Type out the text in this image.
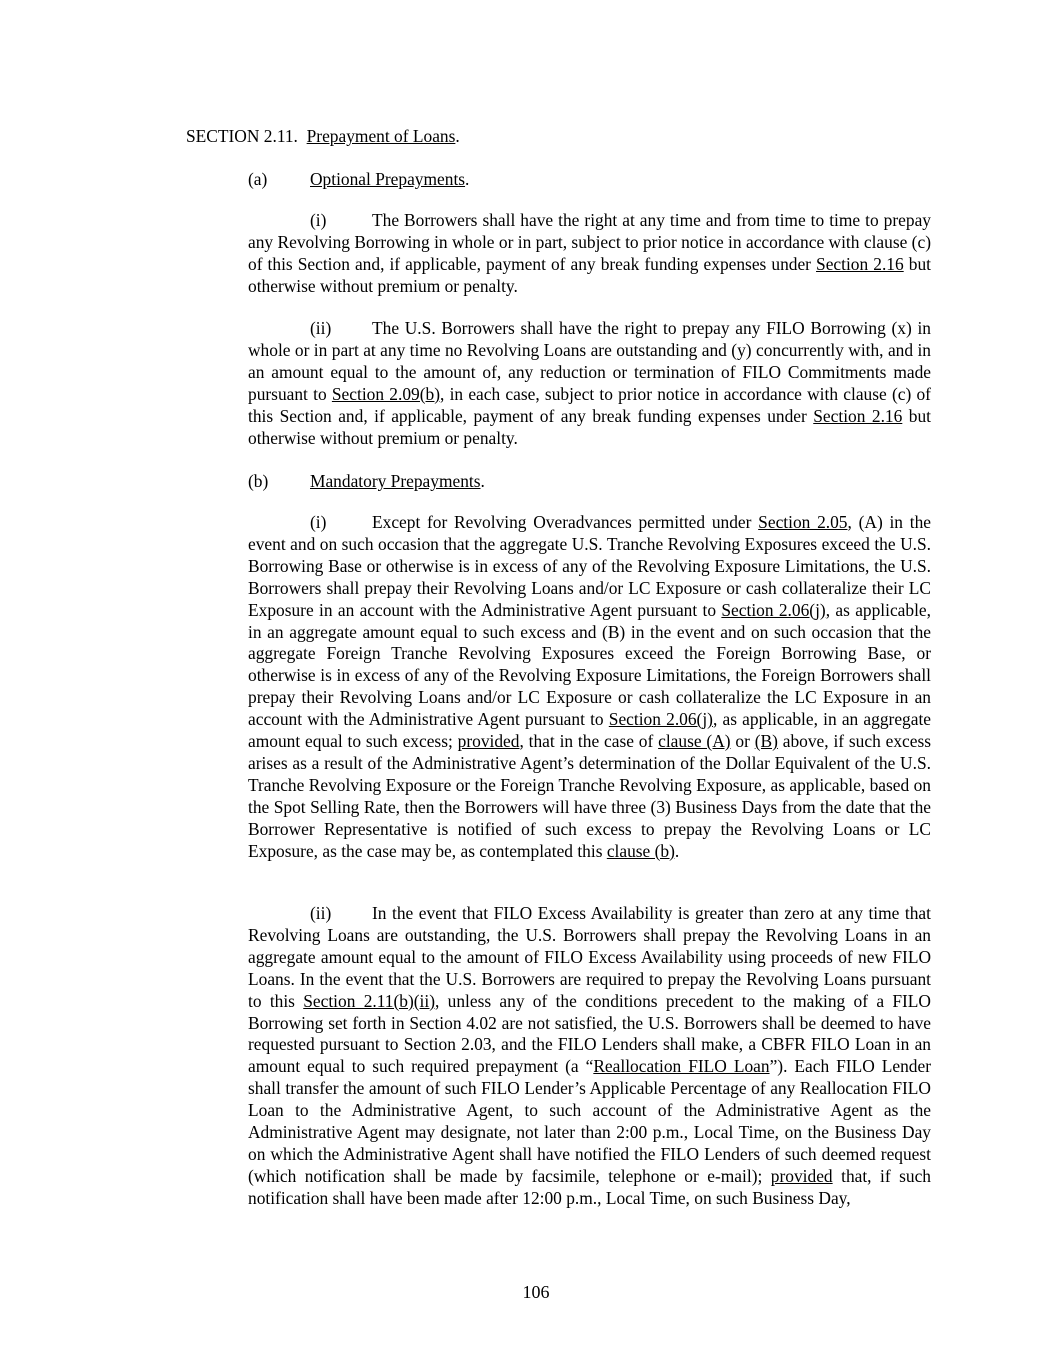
SECTION 2.11. Prepayment of Loans.
(a) Optional Prepayments.

(i)	The Borrowers shall have the right at any time and from time to time to prepay any Revolving Borrowing in whole or in part, subject to prior notice in accordance with clause (c) of this Section and, if applicable, payment of any break funding expenses under Section 2.16 but otherwise without premium or penalty.

(ii) The U.S. Borrowers shall have the right to prepay any FILO Borrowing (x) in whole or in part at any time no Revolving Loans are outstanding and (y) concurrently with, and in an amount equal to the amount of, any reduction or termination of FILO Commitments made pursuant to Section 2.09(b), in each case, subject to prior notice in accordance with clause (c) of this Section and, if applicable, payment of any break funding expenses under Section 2.16 but otherwise without premium or penalty.

(b) Mandatory Prepayments.

(i)	Except for Revolving Overadvances permitted under Section 2.05, (A) in the event and on such occasion that the aggregate U.S. Tranche Revolving Exposures exceed the U.S. Borrowing Base or otherwise is in excess of any of the Revolving Exposure Limitations, the U.S. Borrowers shall prepay their Revolving Loans and/or LC Exposure or cash collateralize their LC Exposure in an account with the Administrative Agent pursuant to Section 2.06(j), as applicable, in an aggregate amount equal to such excess and (B) in the event and on such occasion that the aggregate Foreign Tranche Revolving Exposures exceed the Foreign Borrowing Base, or otherwise is in excess of any of the Revolving Exposure Limitations, the Foreign Borrowers shall prepay their Revolving Loans and/or LC Exposure or cash collateralize the LC Exposure in an account with the Administrative Agent pursuant to Section 2.06(j), as applicable, in an aggregate amount equal to such excess; provided, that in the case of clause (A) or (B) above, if such excess arises as a result of the Administrative Agent’s determination of the Dollar Equivalent of the U.S. Tranche Revolving Exposure or the Foreign Tranche Revolving Exposure, as applicable, based on the Spot Selling Rate, then the Borrowers will have three (3) Business Days from the date that the Borrower Representative is notified of such excess to prepay the Revolving Loans or LC Exposure, as the case may be, as contemplated this clause (b).

(ii) In the event that FILO Excess Availability is greater than zero at any time that Revolving Loans are outstanding, the U.S. Borrowers shall prepay the Revolving Loans in an aggregate amount equal to the amount of FILO Excess Availability using proceeds of new FILO Loans. In the event that the U.S. Borrowers are required to prepay the Revolving Loans pursuant to this Section 2.11(b)(ii), unless any of the conditions precedent to the making of a FILO Borrowing set forth in Section 4.02 are not satisfied, the U.S. Borrowers shall be deemed to have requested pursuant to Section 2.03, and the FILO Lenders shall make, a CBFR FILO Loan in an amount equal to such required prepayment (a “Reallocation FILO Loan”). Each FILO Lender shall transfer the amount of such FILO Lender’s Applicable Percentage of any Reallocation FILO Loan to the Administrative Agent, to such account of the Administrative Agent as the Administrative Agent may designate, not later than 2:00 p.m., Local Time, on the Business Day on which the Administrative Agent shall have notified the FILO Lenders of such deemed request (which notification shall be made by facsimile, telephone or e-mail); provided that, if such notification shall have been made after 12:00 p.m., Local Time, on such Business Day,

106
